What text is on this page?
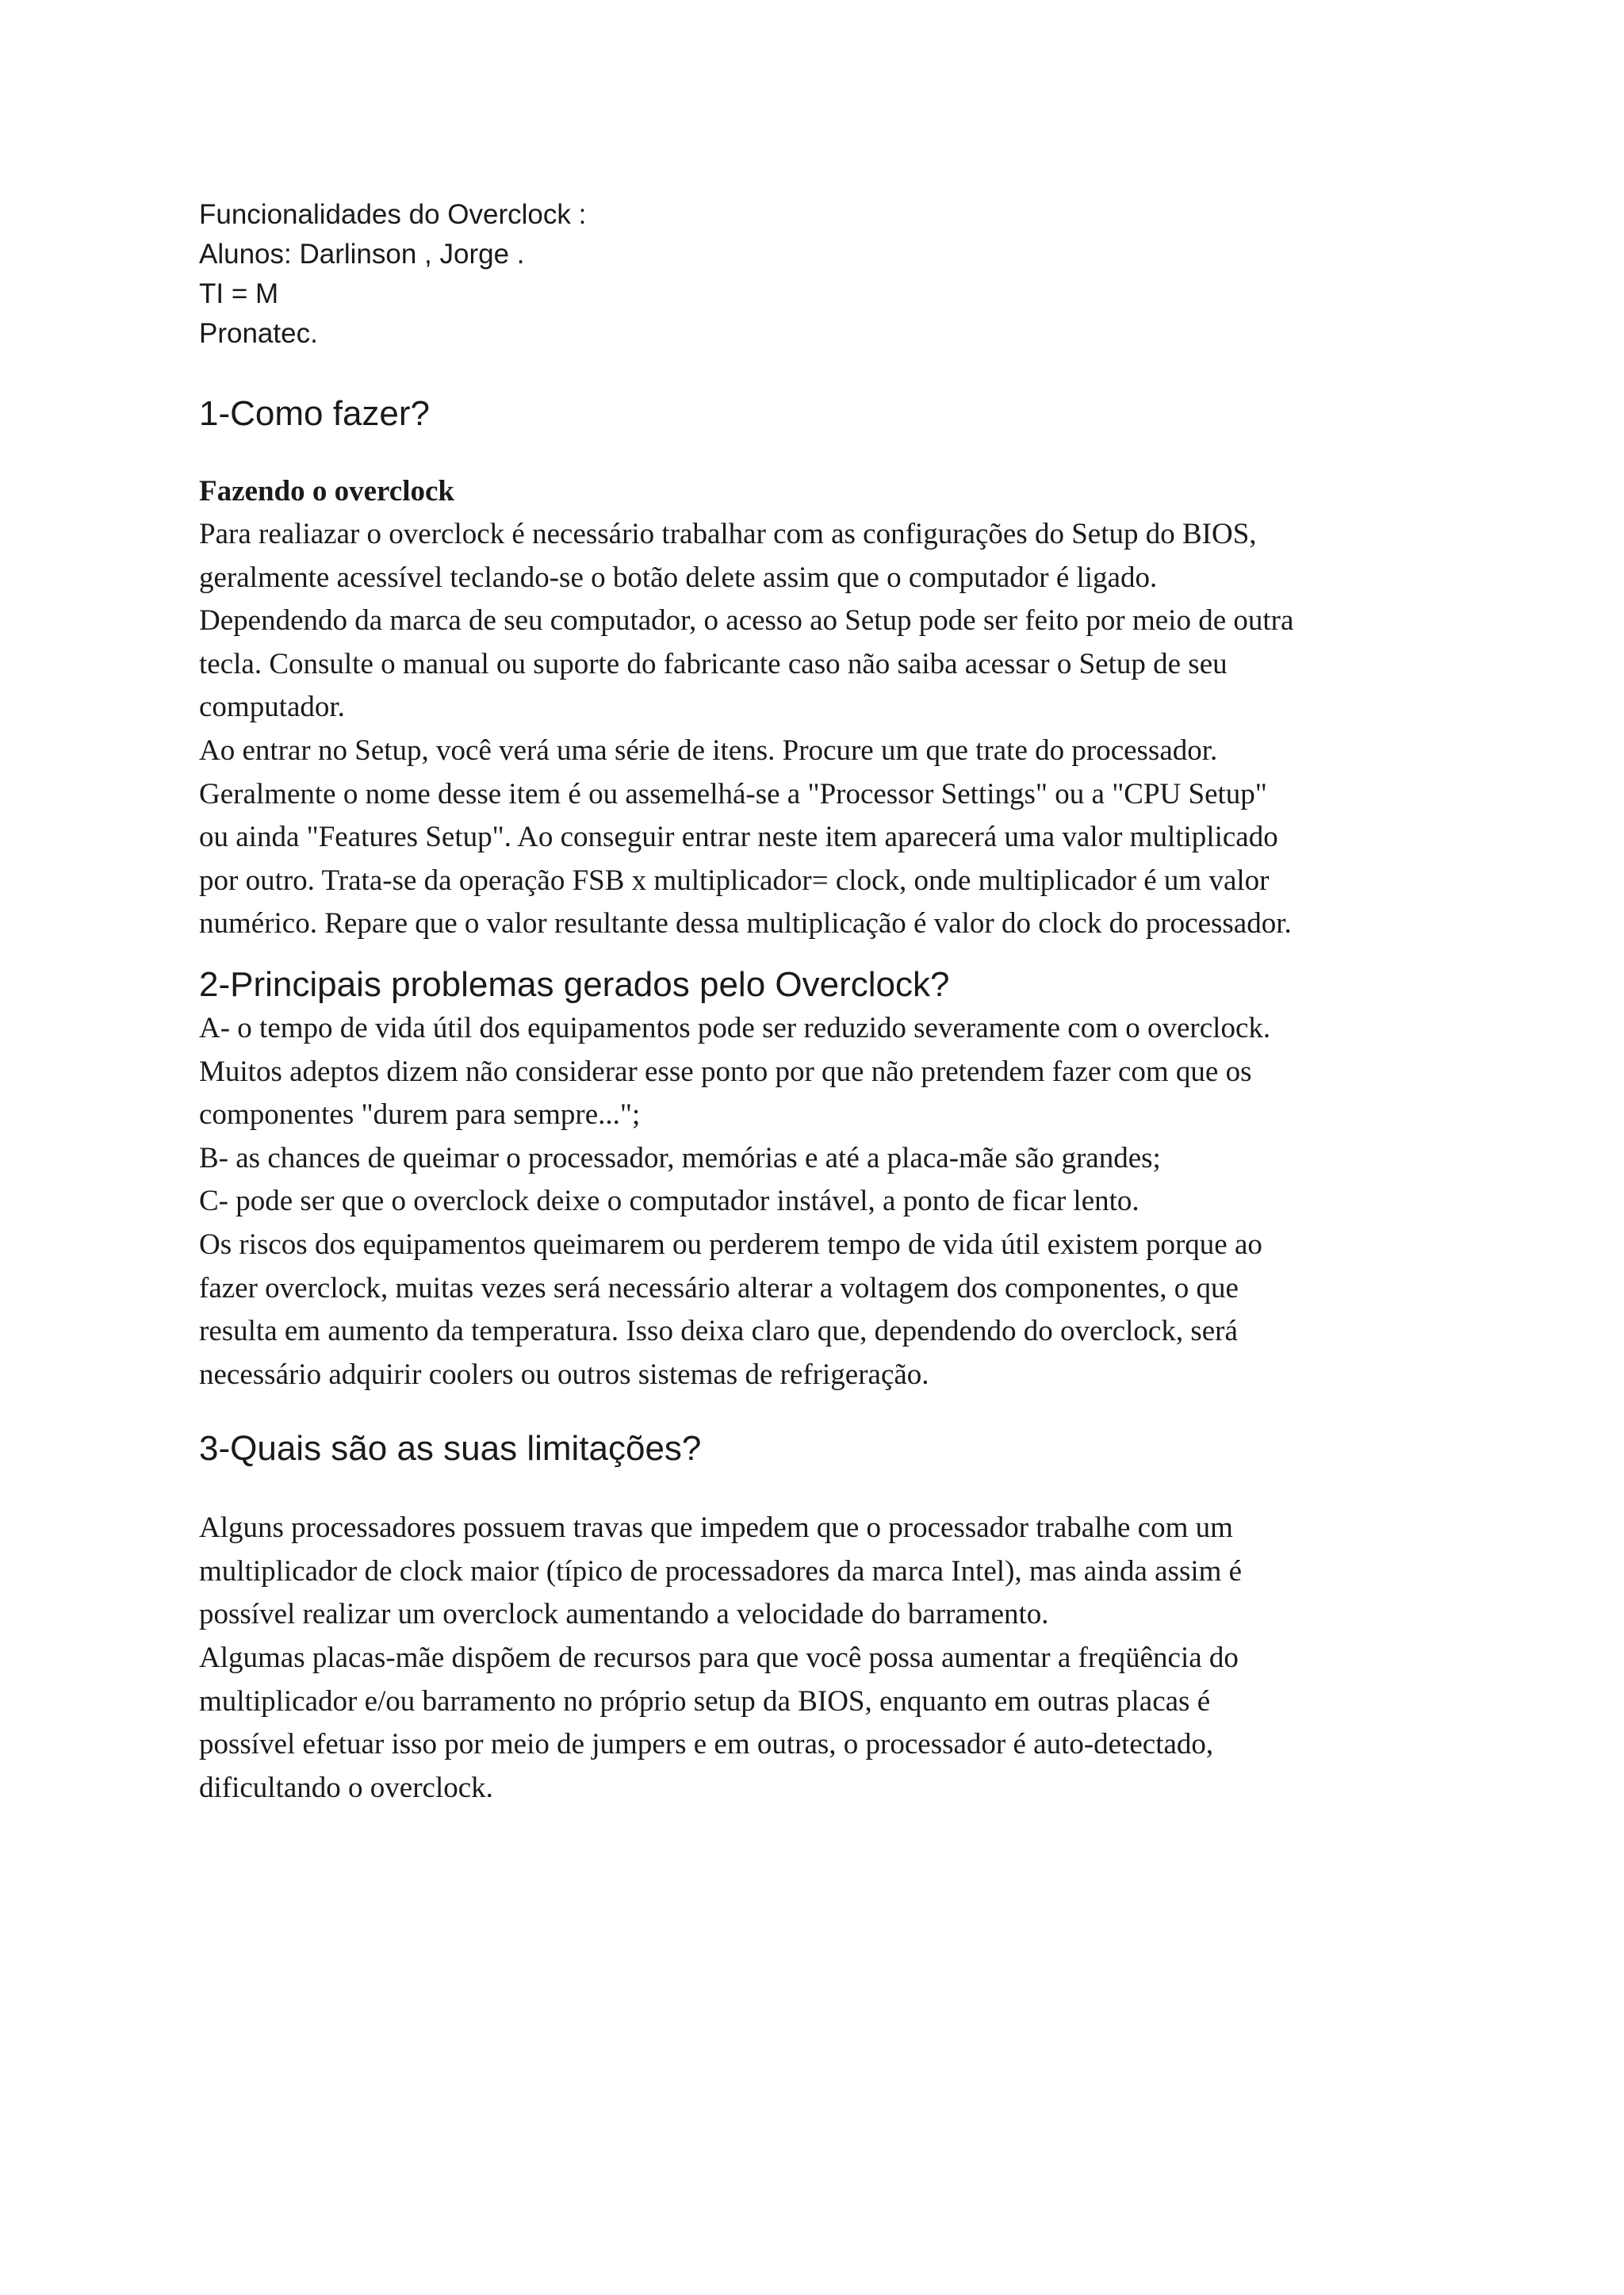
Funcionalidades do Overclock :

Alunos: Darlinson , Jorge .

TI = M

Pronatec.

1-Como fazer?
Fazendo o overclock

Para realiazar o overclock é necessário trabalhar com as configurações do Setup do BIOS,

geralmente acessível teclando-se o botão delete assim que o computador é ligado.

Dependendo da marca de seu computador, o acesso ao Setup pode ser feito por meio de outra

tecla. Consulte o manual ou suporte do fabricante caso não saiba acessar o Setup de seu

computador.

Ao entrar no Setup, você verá uma série de itens. Procure um que trate do processador.

Geralmente o nome desse item é ou assemelhá-se a "Processor Settings" ou a "CPU Setup"

ou ainda "Features Setup". Ao conseguir entrar neste item aparecerá uma valor multiplicado

por outro. Trata-se da operação FSB x multiplicador= clock, onde multiplicador é um valor

numérico. Repare que o valor resultante dessa multiplicação é valor do clock do processador.

2-Principais problemas gerados pelo Overclock?

A- o tempo de vida útil dos equipamentos pode ser reduzido severamente com o overclock.

Muitos adeptos dizem não considerar esse ponto por que não pretendem fazer com que os

componentes "durem para sempre...";

B- as chances de queimar o processador, memórias e até a placa-mãe são grandes;

C- pode ser que o overclock deixe o computador instável, a ponto de ficar lento.

Os riscos dos equipamentos queimarem ou perderem tempo de vida útil existem porque ao

fazer overclock, muitas vezes será necessário alterar a voltagem dos componentes, o que

resulta em aumento da temperatura. Isso deixa claro que, dependendo do overclock, será

necessário adquirir coolers ou outros sistemas de refrigeração.

3-Quais são as suas limitações?

Alguns processadores possuem travas que impedem que o processador trabalhe com um

multiplicador de clock maior (típico de processadores da marca Intel), mas ainda assim é

possível realizar um overclock aumentando a velocidade do barramento.

Algumas placas-mãe dispõem de recursos para que você possa aumentar a freqüência do

multiplicador e/ou barramento no próprio setup da BIOS, enquanto em outras placas é

possível efetuar isso por meio de jumpers e em outras, o processador é auto-detectado,

dificultando o overclock.
